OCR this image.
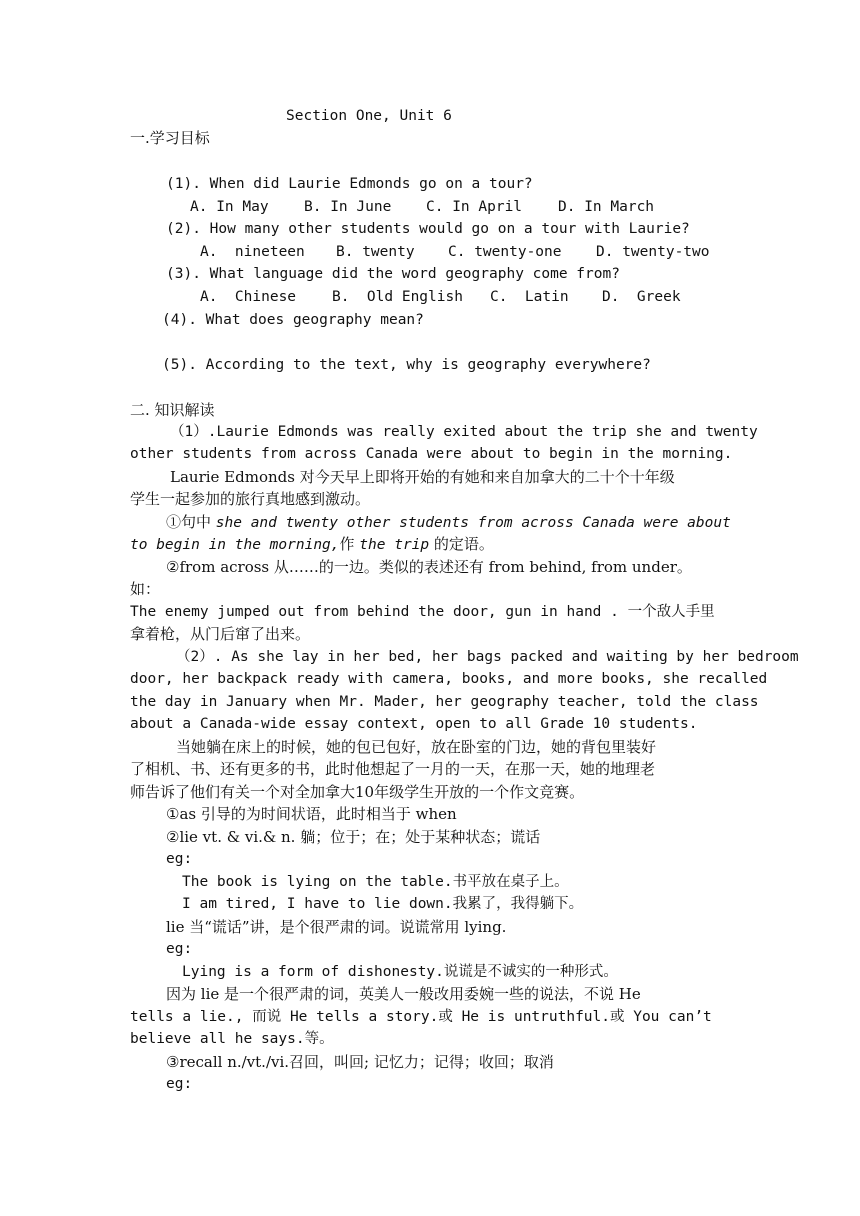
Section One, Unit 6
一.学习目标
(1). When did Laurie Edmonds go on a tour?
A. In May B. In June C. In April D. In March
(2). How many other students would go on a tour with Laurie?
A.  nineteen B. twenty C. twenty-one D. twenty-two
(3). What language did the word geography come from?
A.  Chinese B.  Old English C.  Latin D.  Greek
(4). What does geography mean?
(5). According to the text, why is geography everywhere?
二. 知识解读
（1）.Laurie Edmonds was really exited about the trip she and twenty
other students from across Canada were about to begin in the morning.
Laurie Edmonds 对今天早上即将开始的有她和来自加拿大的二十个十年级
学生一起参加的旅行真地感到激动。
①句中 she and twenty other students from across Canada were about
to begin in the morning,作 the trip 的定语。
②from across 从……的一边。类似的表述还有 from behind, from under。
如：
The enemy jumped out from behind the door, gun in hand . 一个敌人手里
拿着枪，从门后窜了出来。
（2）. As she lay in her bed, her bags packed and waiting by her bedroom
door, her backpack ready with camera, books, and more books, she recalled
the day in January when Mr. Mader, her geography teacher, told the class
about a Canada-wide essay context, open to all Grade 10 students.
当她躺在床上的时候，她的包已包好，放在卧室的门边，她的背包里装好
了相机、书、还有更多的书，此时他想起了一月的一天，在那一天，她的地理老
师告诉了他们有关一个对全加拿大10年级学生开放的一个作文竞赛。
①as 引导的为时间状语，此时相当于 when
②lie vt. & vi.& n. 躺；位于；在；处于某种状态；谎话
eg:
The book is lying on the table.书平放在桌子上。
I am tired, I have to lie down.我累了，我得躺下。
lie 当“谎话”讲，是个很严肃的词。说谎常用 lying.
eg:
Lying is a form of dishonesty.说谎是不诚实的一种形式。
因为 lie 是一个很严肃的词，英美人一般改用委婉一些的说法，不说 He
tells a lie., 而说 He tells a story.或 He is untruthful.或 You can’t
believe all he says.等。
③recall n./vt./vi.召回，叫回; 记忆力；记得；收回；取消
eg:
